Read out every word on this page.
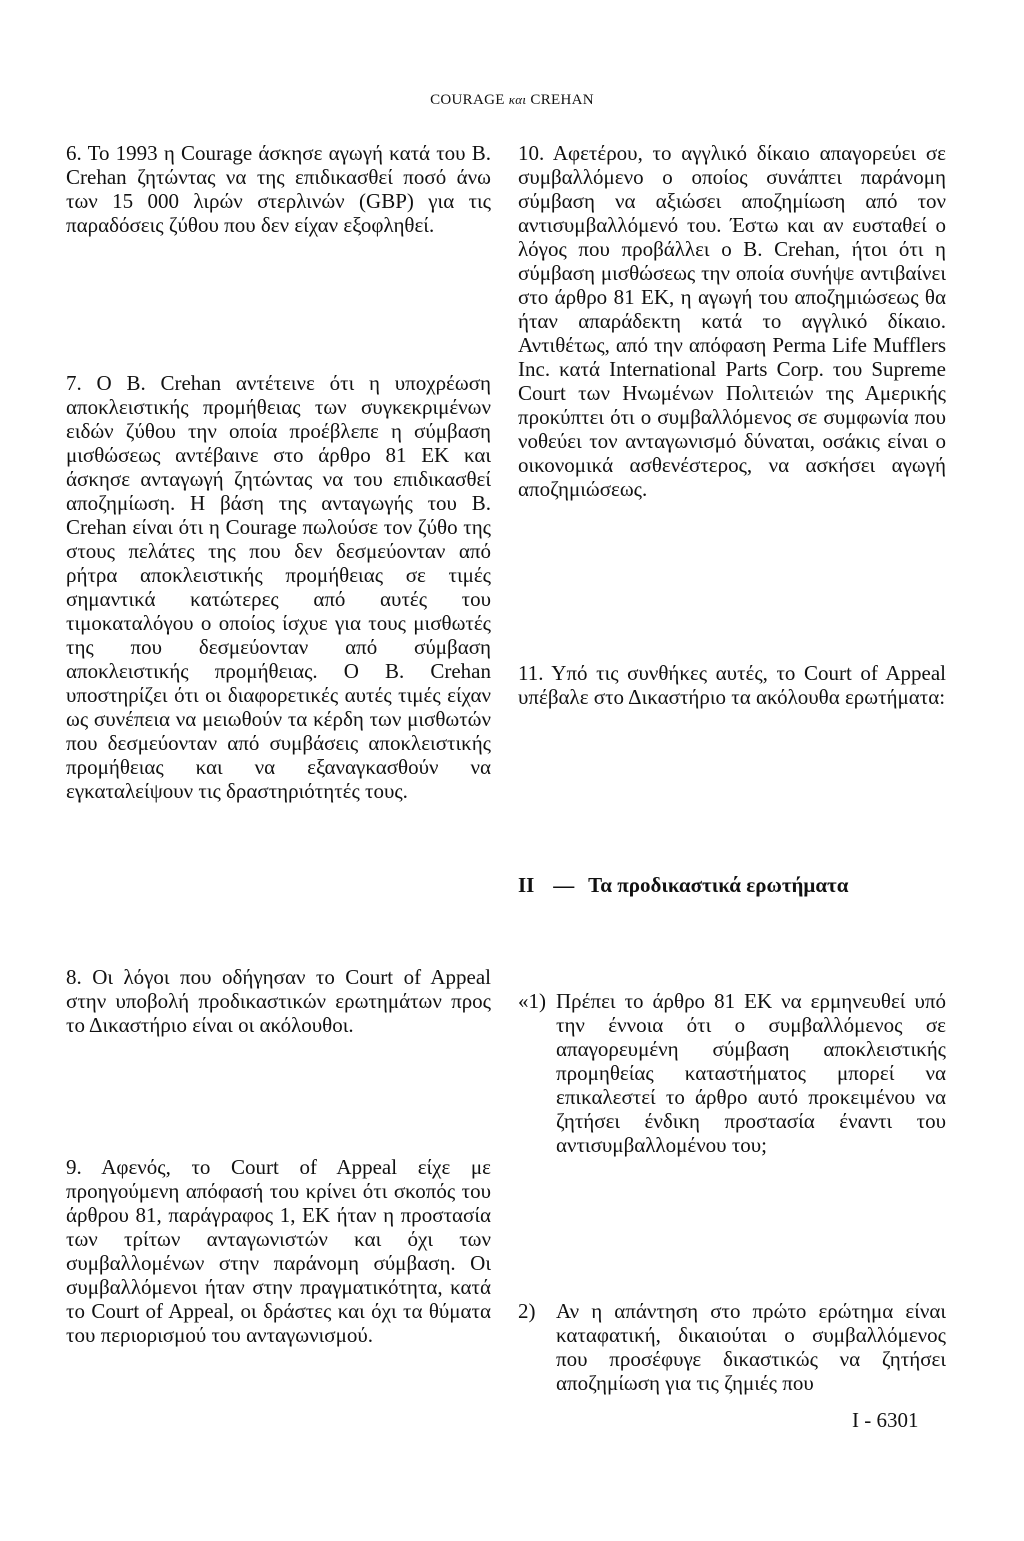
COURAGE και CREHAN

6. Το 1993 η Courage άσκησε αγωγή κατά του Β. Crehan ζητώντας να της επιδικασθεί ποσό άνω των 15 000 λιρών στερλινών (GBP) για τις παραδόσεις ζύθου που δεν είχαν εξοφληθεί.

7. Ο Β. Crehan αντέτεινε ότι η υποχρέωση αποκλειστικής προμήθειας των συγκεκριμένων ειδών ζύθου την οποία προέβλεπε η σύμβαση μισθώσεως αντέβαινε στο άρθρο 81 ΕΚ και άσκησε ανταγωγή ζητώντας να του επιδικασθεί αποζημίωση. Η βάση της ανταγωγής του Β. Crehan είναι ότι η Courage πωλούσε τον ζύθο της στους πελάτες της που δεν δεσμεύονταν από ρήτρα αποκλειστικής προμήθειας σε τιμές σημαντικά κατώτερες από αυτές του τιμοκαταλόγου ο οποίος ίσχυε για τους μισθωτές της που δεσμεύονταν από σύμβαση αποκλειστικής προμήθειας. Ο Β. Crehan υποστηρίζει ότι οι διαφορετικές αυτές τιμές είχαν ως συνέπεια να μειωθούν τα κέρδη των μισθωτών που δεσμεύονταν από συμβάσεις αποκλειστικής προμήθειας και να εξαναγκασθούν να εγκαταλείψουν τις δραστηριότητές τους.

8. Οι λόγοι που οδήγησαν το Court of Appeal στην υποβολή προδικαστικών ερωτημάτων προς το Δικαστήριο είναι οι ακόλουθοι.

9. Αφενός, το Court of Appeal είχε με προηγούμενη απόφασή του κρίνει ότι σκοπός του άρθρου 81, παράγραφος 1, ΕΚ ήταν η προστασία των τρίτων ανταγωνιστών και όχι των συμβαλλομένων στην παράνομη σύμβαση. Οι συμβαλλόμενοι ήταν στην πραγματικότητα, κατά το Court of Appeal, οι δράστες και όχι τα θύματα του περιορισμού του ανταγωνισμού.

10. Αφετέρου, το αγγλικό δίκαιο απαγορεύει σε συμβαλλόμενο ο οποίος συνάπτει παράνομη σύμβαση να αξιώσει αποζημίωση από τον αντισυμβαλλόμενό του. Έστω και αν ευσταθεί ο λόγος που προβάλλει ο Β. Crehan, ήτοι ότι η σύμβαση μισθώσεως την οποία συνήψε αντιβαίνει στο άρθρο 81 ΕΚ, η αγωγή του αποζημιώσεως θα ήταν απαράδεκτη κατά το αγγλικό δίκαιο. Αντιθέτως, από την απόφαση Perma Life Mufflers Inc. κατά International Parts Corp. του Supreme Court των Ηνωμένων Πολιτειών της Αμερικής προκύπτει ότι ο συμβαλλόμενος σε συμφωνία που νοθεύει τον ανταγωνισμό δύναται, οσάκις είναι ο οικονομικά ασθενέστερος, να ασκήσει αγωγή αποζημιώσεως.

11. Υπό τις συνθήκες αυτές, το Court of Appeal υπέβαλε στο Δικαστήριο τα ακόλουθα ερωτήματα:

II — Τα προδικαστικά ερωτήματα
«1) Πρέπει το άρθρο 81 ΕΚ να ερμηνευθεί υπό την έννοια ότι ο συμβαλλόμενος σε απαγορευμένη σύμβαση αποκλειστικής προμηθείας καταστήματος μπορεί να επικαλεστεί το άρθρο αυτό προκειμένου να ζητήσει ένδικη προστασία έναντι του αντισυμβαλλομένου του;

2) Αν η απάντηση στο πρώτο ερώτημα είναι καταφατική, δικαιούται ο συμβαλλόμενος που προσέφυγε δικαστικώς να ζητήσει αποζημίωση για τις ζημιές που

I - 6301
